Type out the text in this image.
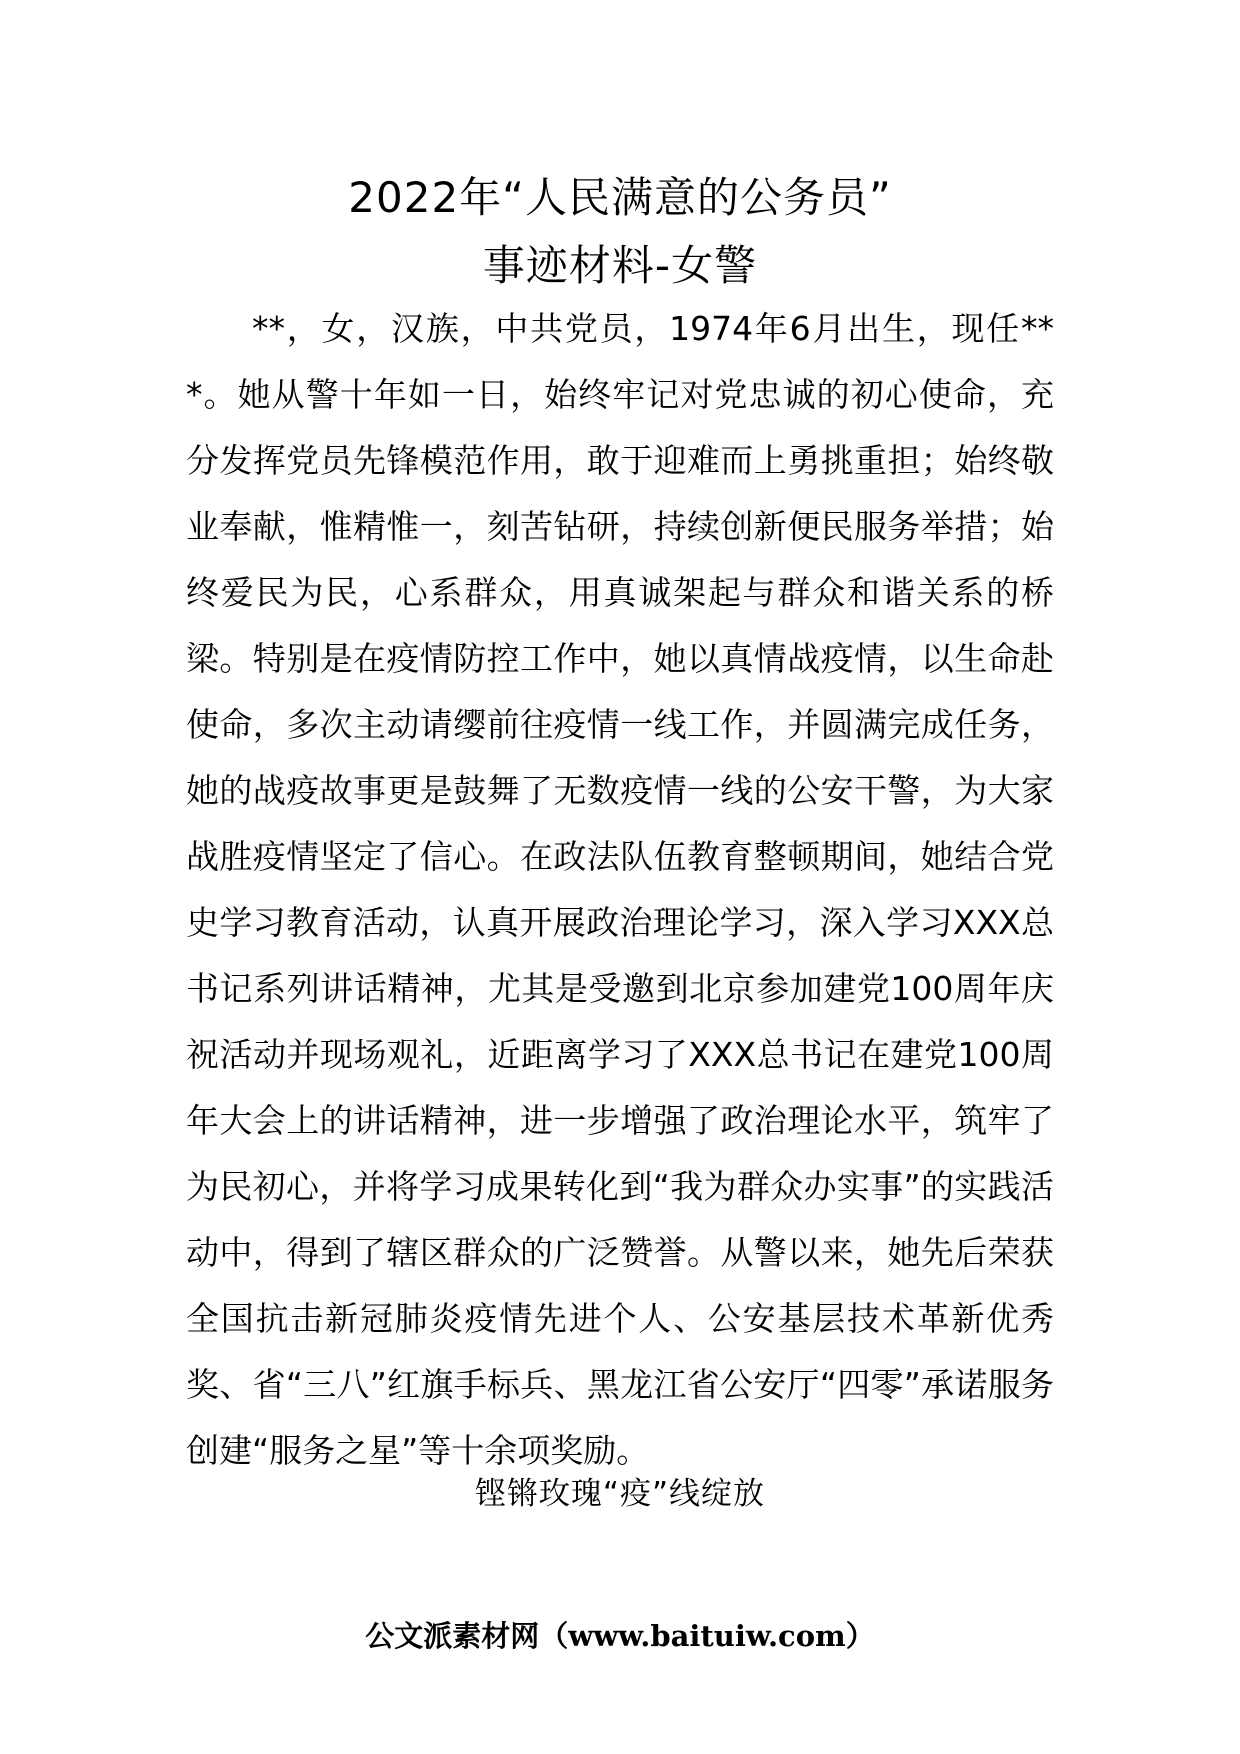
2022年“人民满意的公务员”
事迹材料-女警

**，女，汉族，中共党员，1974年6月出生，现任***。她从警十年如一日，始终牢记对党忠诚的初心使命，充分发挥党员先锋模范作用，敢于迎难而上勇挑重担；始终敬业奉献，惟精惟一，刻苦钻研，持续创新便民服务举措；始终爱民为民，心系群众，用真诚架起与群众和谐关系的桥梁。特别是在疫情防控工作中，她以真情战疫情，以生命赴使命，多次主动请缨前往疫情一线工作，并圆满完成任务，她的战疫故事更是鼓舞了无数疫情一线的公安干警，为大家战胜疫情坚定了信心。在政法队伍教育整顿期间，她结合党史学习教育活动，认真开展政治理论学习，深入学习XXX总书记系列讲话精神，尤其是受邀到北京参加建党100周年庆祝活动并现场观礼，近距离学习了XXX总书记在建党100周年大会上的讲话精神，进一步增强了政治理论水平，筑牢了为民初心，并将学习成果转化到“我为群众办实事”的实践活动中，得到了辖区群众的广泛赞誉。从警以来，她先后荣获全国抗击新冠肺炎疫情先进个人、公安基层技术革新优秀奖、省“三八”红旗手标兵、黑龙江省公安厅“四零”承诺服务创建“服务之星”等十余项奖励。

铿锵玫瑰“疫”线绽放
公文派素材网（www.baituiw.com）
